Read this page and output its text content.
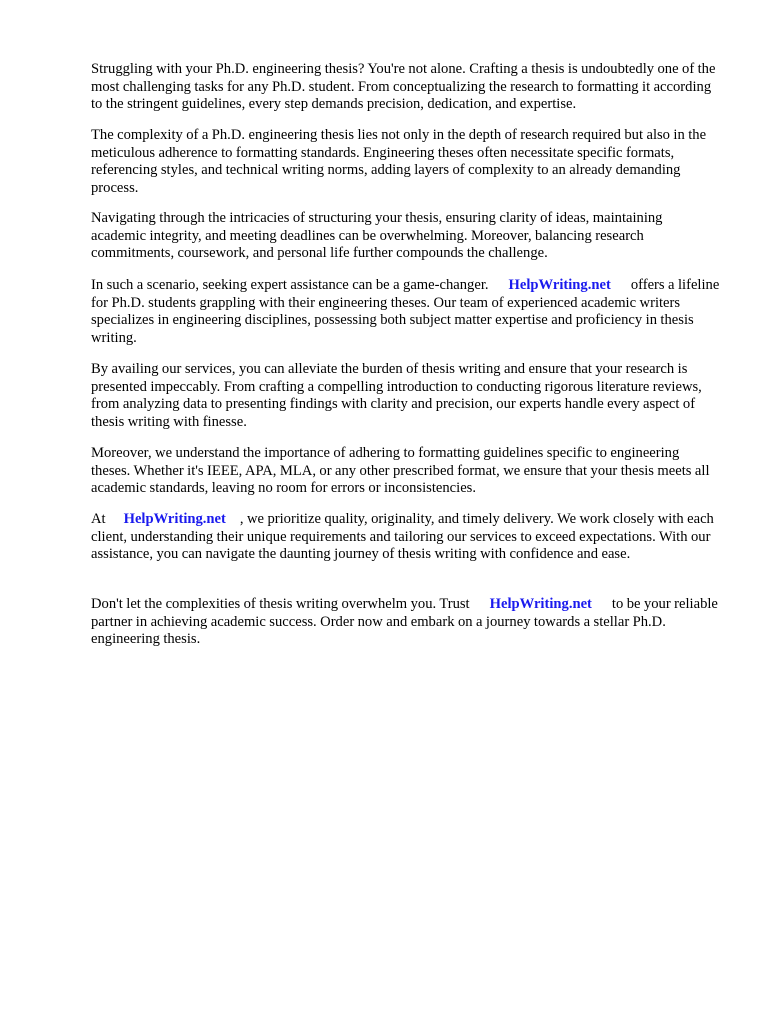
Struggling with your Ph.D. engineering thesis? You're not alone. Crafting a thesis is undoubtedly one of the most challenging tasks for any Ph.D. student. From conceptualizing the research to formatting it according to the stringent guidelines, every step demands precision, dedication, and expertise.

The complexity of a Ph.D. engineering thesis lies not only in the depth of research required but also in the meticulous adherence to formatting standards. Engineering theses often necessitate specific formats, referencing styles, and technical writing norms, adding layers of complexity to an already demanding process.

Navigating through the intricacies of structuring your thesis, ensuring clarity of ideas, maintaining academic integrity, and meeting deadlines can be overwhelming. Moreover, balancing research commitments, coursework, and personal life further compounds the challenge.

In such a scenario, seeking expert assistance can be a game-changer. HelpWriting.net offers a lifeline for Ph.D. students grappling with their engineering theses. Our team of experienced academic writers specializes in engineering disciplines, possessing both subject matter expertise and proficiency in thesis writing.

By availing our services, you can alleviate the burden of thesis writing and ensure that your research is presented impeccably. From crafting a compelling introduction to conducting rigorous literature reviews, from analyzing data to presenting findings with clarity and precision, our experts handle every aspect of thesis writing with finesse.

Moreover, we understand the importance of adhering to formatting guidelines specific to engineering theses. Whether it's IEEE, APA, MLA, or any other prescribed format, we ensure that your thesis meets all academic standards, leaving no room for errors or inconsistencies.

At HelpWriting.net , we prioritize quality, originality, and timely delivery. We work closely with each client, understanding their unique requirements and tailoring our services to exceed expectations. With our assistance, you can navigate the daunting journey of thesis writing with confidence and ease.

Don't let the complexities of thesis writing overwhelm you. Trust HelpWriting.net to be your reliable partner in achieving academic success. Order now and embark on a journey towards a stellar Ph.D. engineering thesis.
